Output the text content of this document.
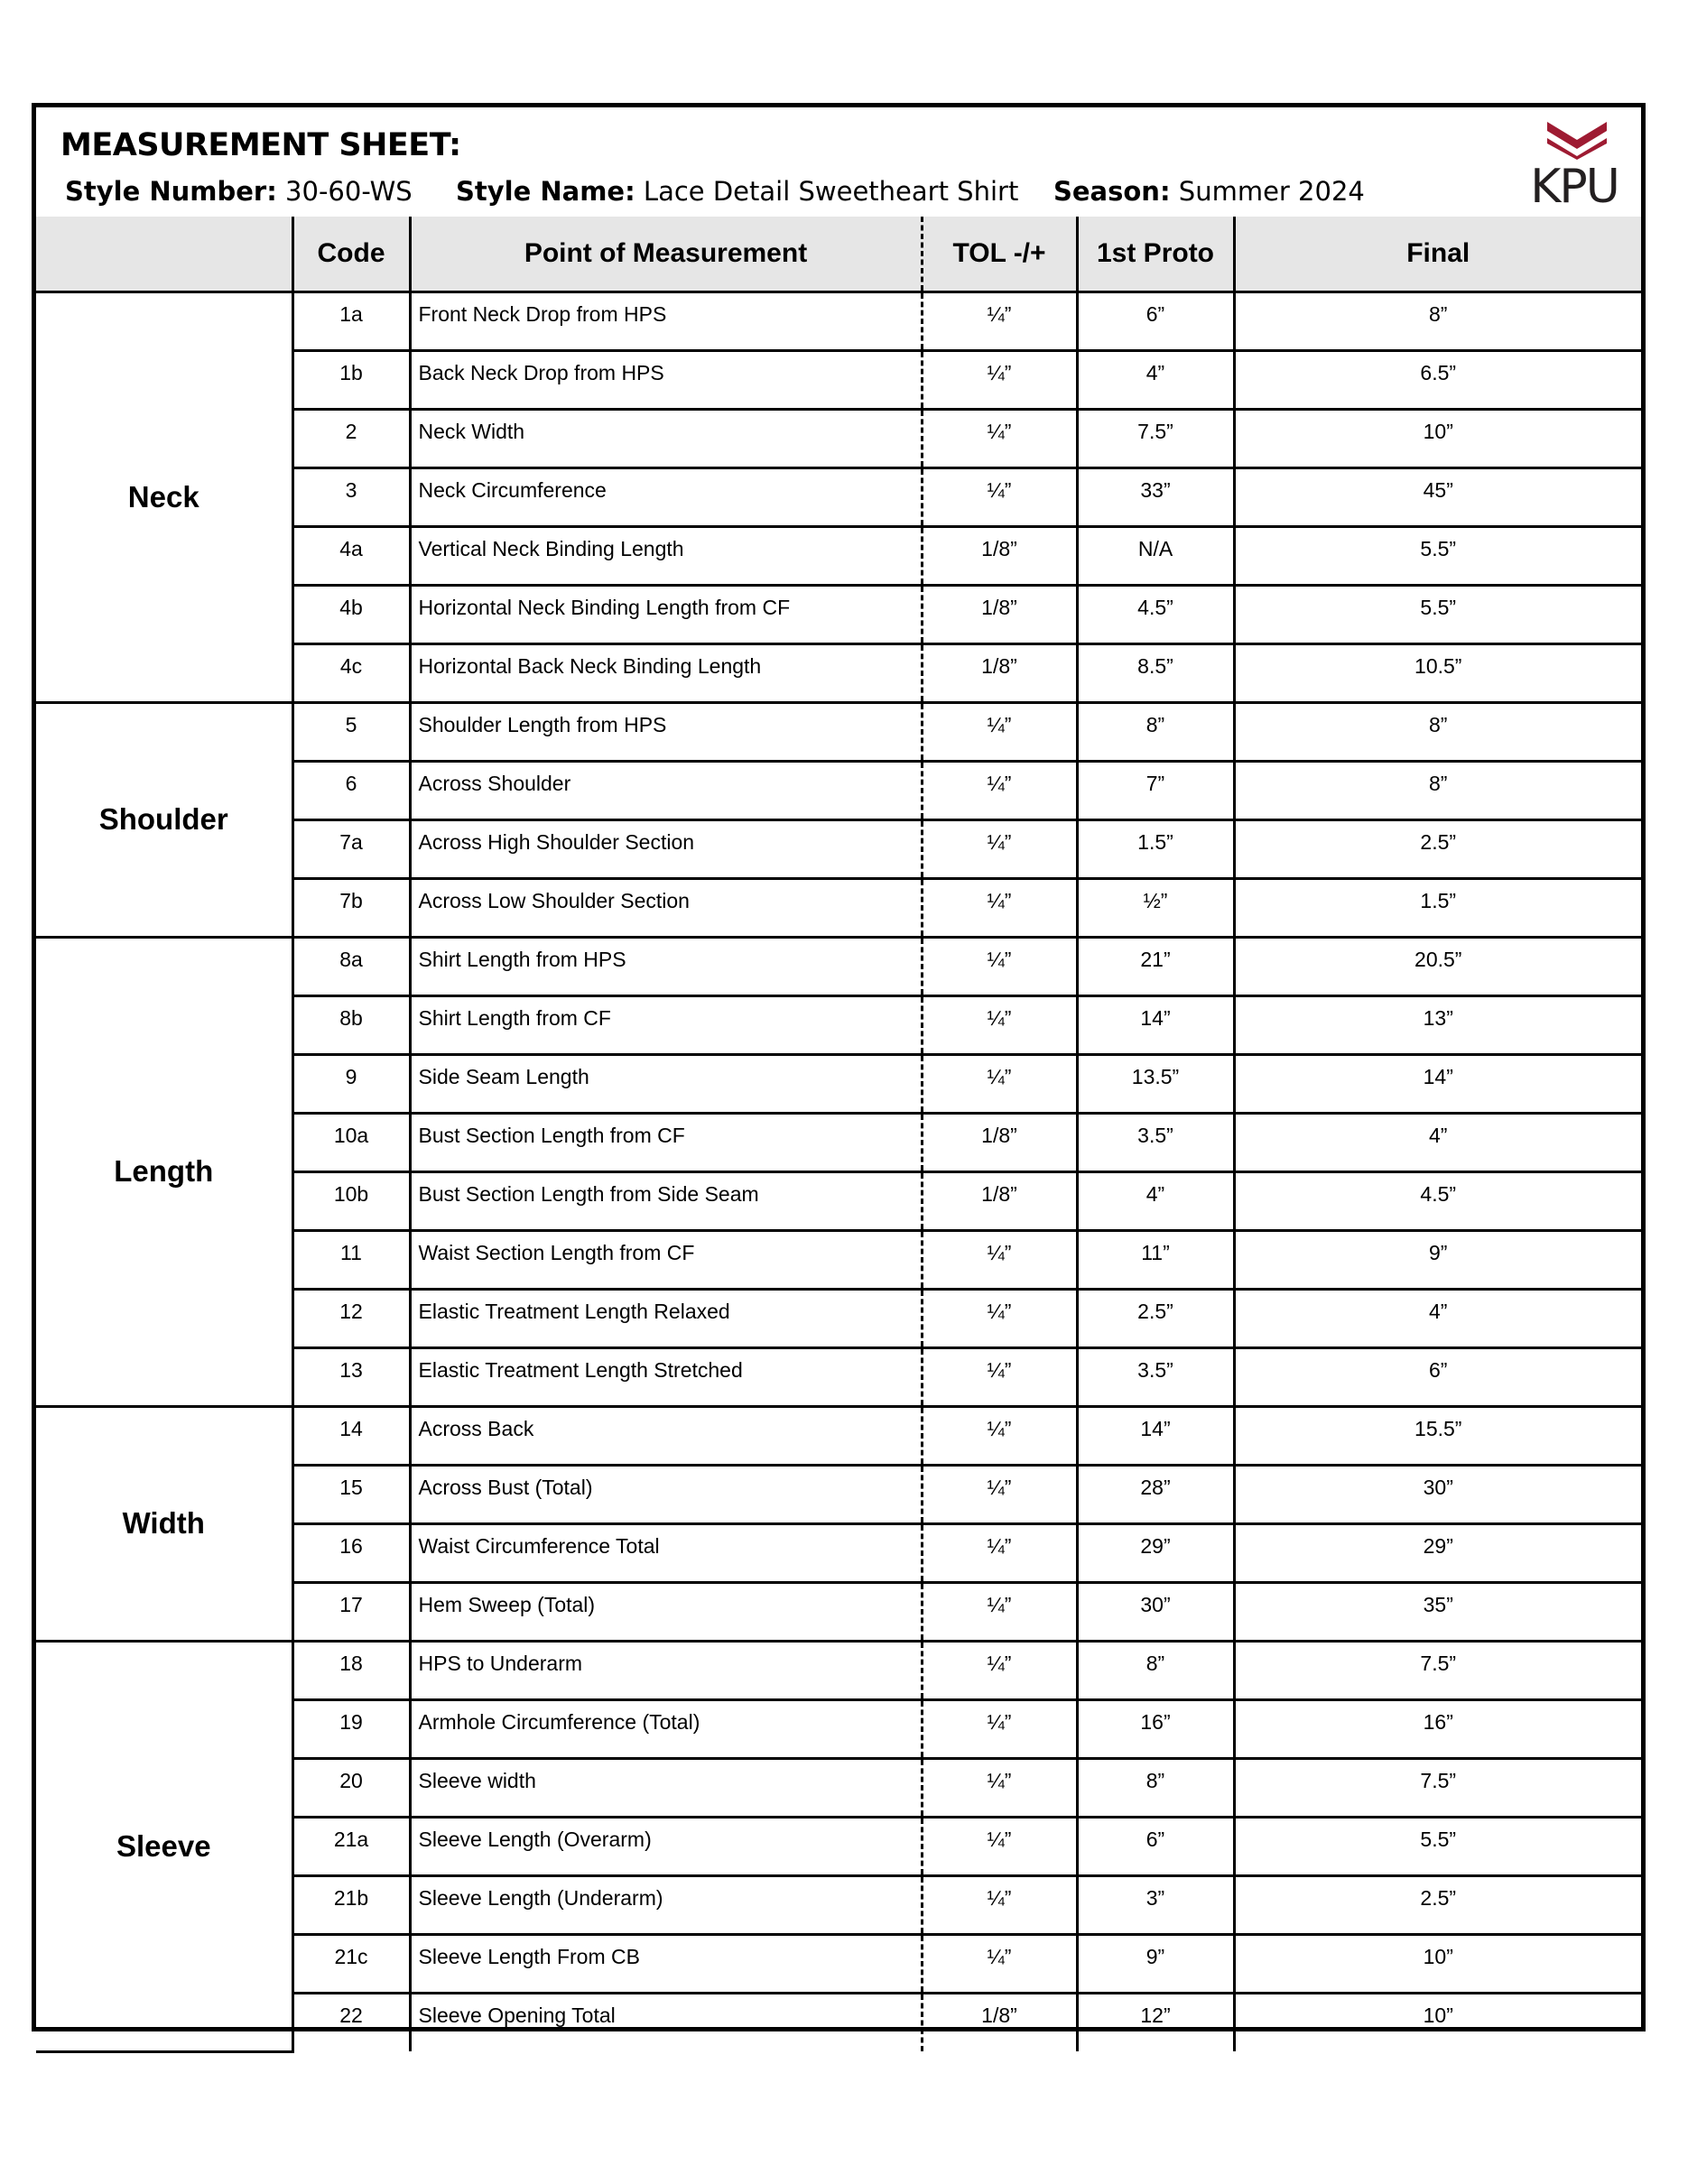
MEASUREMENT SHEET:
Style Number: 30-60-WS Style Name: Lace Detail Sweetheart Shirt Season: Summer 2024	KPU
	Code	Point of Measurement	TOL -/+	1st Proto	Final
Neck	1a	Front Neck Drop from HPS	¼”	6”	8”
	1b	Back Neck Drop from HPS	¼”	4”	6.5”
	2	Neck Width	¼”	7.5”	10”
	3	Neck Circumference	¼”	33”	45”
	4a	Vertical Neck Binding Length	1/8”	N/A	5.5”
	4b	Horizontal Neck Binding Length from CF	1/8”	4.5”	5.5”
	4c	Horizontal Back Neck Binding Length	1/8”	8.5”	10.5”
Shoulder	5	Shoulder Length from HPS	¼”	8”	8”
	6	Across Shoulder	¼”	7”	8”
	7a	Across High Shoulder Section	¼”	1.5”	2.5”
	7b	Across Low Shoulder Section	¼”	½”	1.5”
Length	8a	Shirt Length from HPS	¼”	21”	20.5”
	8b	Shirt Length from CF	¼”	14”	13”
	9	Side Seam Length	¼”	13.5”	14”
	10a	Bust Section Length from CF	1/8”	3.5”	4”
	10b	Bust Section Length from Side Seam	1/8”	4”	4.5”
	11	Waist Section Length from CF	¼”	11”	9”
	12	Elastic Treatment Length Relaxed	¼”	2.5”	4”
	13	Elastic Treatment Length Stretched	¼”	3.5”	6”
Width	14	Across Back	¼”	14”	15.5”
	15	Across Bust (Total)	¼”	28”	30”
	16	Waist Circumference Total	¼”	29”	29”
	17	Hem Sweep (Total)	¼”	30”	35”
Sleeve	18	HPS to Underarm	¼”	8”	7.5”
	19	Armhole Circumference (Total)	¼”	16”	16”
	20	Sleeve width	¼”	8”	7.5”
	21a	Sleeve Length (Overarm)	¼”	6”	5.5”
	21b	Sleeve Length (Underarm)	¼”	3”	2.5”
	21c	Sleeve Length From CB	¼”	9”	10”
	22	Sleeve Opening Total	1/8”	12”	10”
